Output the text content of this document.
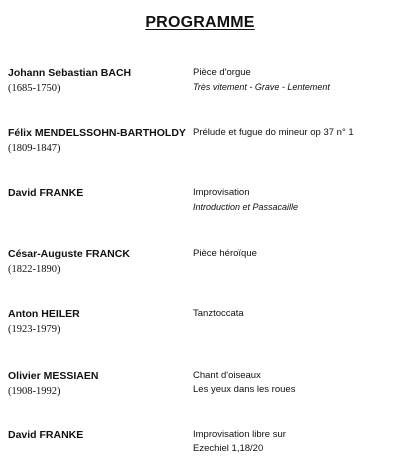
PROGRAMME
Johann Sebastian BACH
(1685-1750)
Pièce d'orgue
Très vitement - Grave - Lentement
Félix MENDELSSOHN-BARTHOLDY
(1809-1847)
Prélude et fugue do mineur op 37 n° 1
David FRANKE	Improvisation
Introduction et Passacaille
César-Auguste FRANCK
(1822-1890)
Pièce héroïque
Anton HEILER
(1923-1979)
Tanztoccata
Olivier MESSIAEN
(1908-1992)
Chant d'oiseaux
Les yeux dans les roues
David FRANKE	Improvisation libre sur
Ezechiel 1,18/20
